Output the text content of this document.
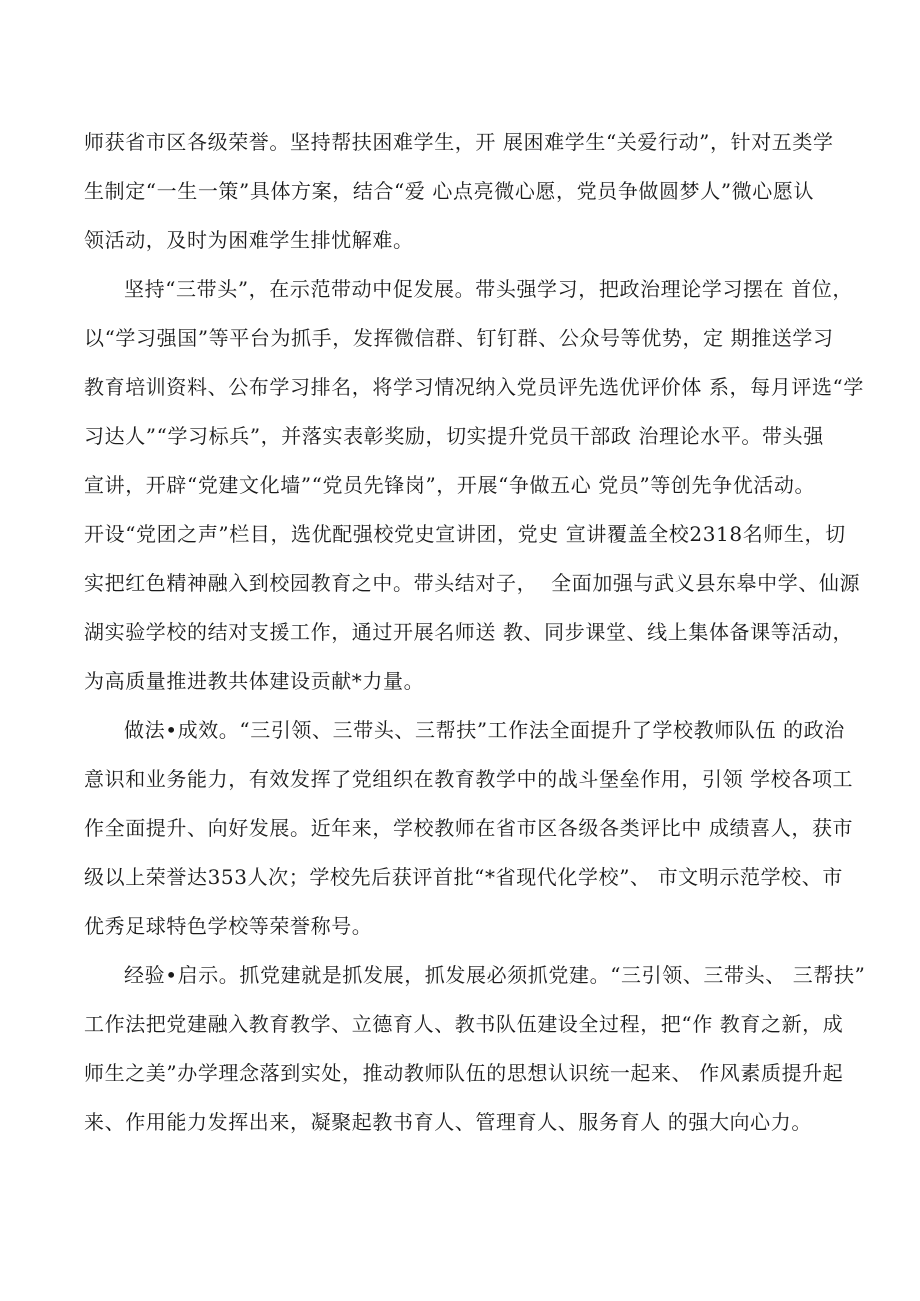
师获省市区各级荣誉。坚持帮扶困难学生，开 展困难学生“关爱行动”，针对五类学

生制定“一生一策”具体方案，结合“爱 心点亮微心愿，党员争做圆梦人”微心愿认

领活动，及时为困难学生排忧解难。

坚持“三带头”，在示范带动中促发展。带头强学习，把政治理论学习摆在 首位，

以“学习强国”等平台为抓手，发挥微信群、钉钉群、公众号等优势，定 期推送学习

教育培训资料、公布学习排名，将学习情况纳入党员评先选优评价体 系，每月评选“学

习达人”“学习标兵”，并落实表彰奖励，切实提升党员干部政 治理论水平。带头强

宣讲，开辟“党建文化墙”“党员先锋岗”，开展“争做五心 党员”等创先争优活动。

开设“党团之声”栏目，选优配强校党史宣讲团，党史 宣讲覆盖全校2318名师生，切

实把红色精神融入到校园教育之中。带头结对子，  全面加强与武义县东皋中学、仙源

湖实验学校的结对支援工作，通过开展名师送 教、同步课堂、线上集体备课等活动，

为高质量推进教共体建设贡献*力量。

做法•成效。“三引领、三带头、三帮扶”工作法全面提升了学校教师队伍 的政治

意识和业务能力，有效发挥了党组织在教育教学中的战斗堡垒作用，引领 学校各项工

作全面提升、向好发展。近年来，学校教师在省市区各级各类评比中 成绩喜人，获市

级以上荣誉达353人次；学校先后获评首批“*省现代化学校”、 市文明示范学校、市

优秀足球特色学校等荣誉称号。

经验•启示。抓党建就是抓发展，抓发展必须抓党建。“三引领、三带头、 三帮扶”

工作法把党建融入教育教学、立德育人、教书队伍建设全过程，把“作 教育之新，成

师生之美”办学理念落到实处，推动教师队伍的思想认识统一起来、 作风素质提升起

来、作用能力发挥出来，凝聚起教书育人、管理育人、服务育人 的强大向心力。
